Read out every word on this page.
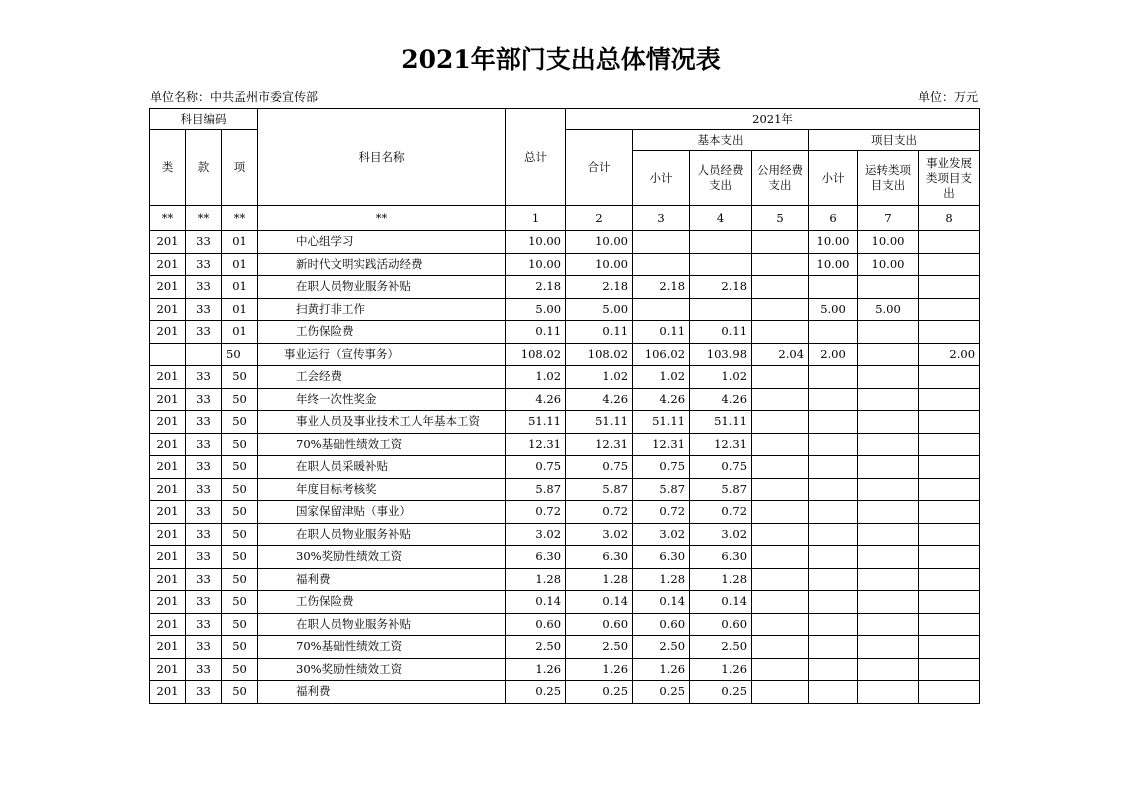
2021年部门支出总体情况表
单位名称：中共孟州市委宣传部	单位：万元
科目编码			科目名称	总计	2021年						
类	款	项			合计	基本支出			项目支出		
						小计	人员经费支出	公用经费支出	小计	运转类项目支出	事业发展类项目支出
**	**	**	**	1	2	3	4	5	6	7	8
201	33	01	中心组学习	10.00	10.00				10.00	10.00	
201	33	01	新时代文明实践活动经费	10.00	10.00				10.00	10.00	
201	33	01	在职人员物业服务补贴	2.18	2.18	2.18	2.18				
201	33	01	扫黄打非工作	5.00	5.00				5.00	5.00	
201	33	01	工伤保险费	0.11	0.11	0.11	0.11				
		50	事业运行（宣传事务）	108.02	108.02	106.02	103.98	2.04	2.00		2.00
201	33	50	工会经费	1.02	1.02	1.02	1.02				
201	33	50	年终一次性奖金	4.26	4.26	4.26	4.26				
201	33	50	事业人员及事业技术工人年基本工资	51.11	51.11	51.11	51.11				
201	33	50	70%基础性绩效工资	12.31	12.31	12.31	12.31				
201	33	50	在职人员采暖补贴	0.75	0.75	0.75	0.75				
201	33	50	年度目标考核奖	5.87	5.87	5.87	5.87				
201	33	50	国家保留津贴（事业）	0.72	0.72	0.72	0.72				
201	33	50	在职人员物业服务补贴	3.02	3.02	3.02	3.02				
201	33	50	30%奖励性绩效工资	6.30	6.30	6.30	6.30				
201	33	50	福利费	1.28	1.28	1.28	1.28				
201	33	50	工伤保险费	0.14	0.14	0.14	0.14				
201	33	50	在职人员物业服务补贴	0.60	0.60	0.60	0.60				
201	33	50	70%基础性绩效工资	2.50	2.50	2.50	2.50				
201	33	50	30%奖励性绩效工资	1.26	1.26	1.26	1.26				
201	33	50	福利费	0.25	0.25	0.25	0.25				
